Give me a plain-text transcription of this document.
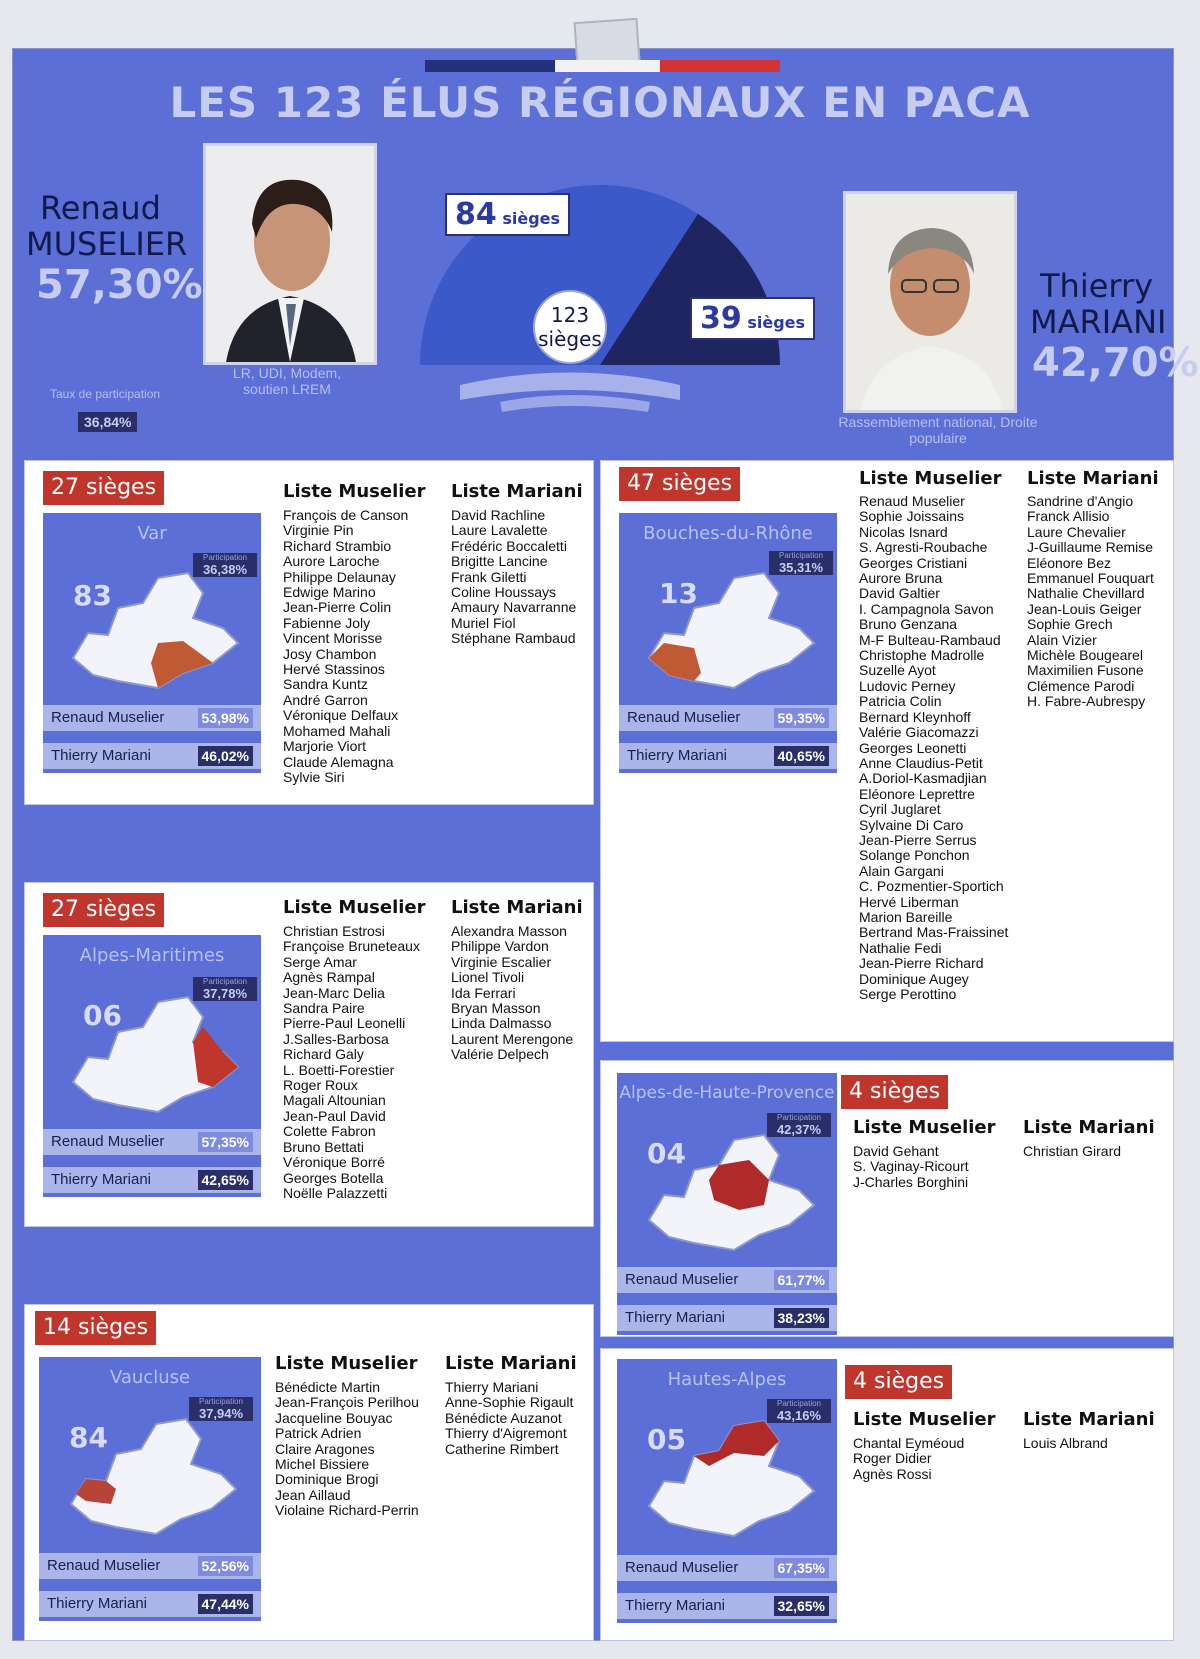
LES 123 ÉLUS RÉGIONAUX EN PACA
Renaud
MUSELIER
57,30%
LR, UDI, Modem, soutien LREM
Taux de participation
36,84%
84 sièges
39 sièges
123
sièges
Thierry
MARIANI
42,70%
Rassemblement national, Droite populaire
Var
Participation
36,38%
83
Renaud Muselier	53,98%
Thierry Mariani	46,02%
27 sièges	Liste Muselier
François de Canson
Virginie Pin
Richard Strambio
Aurore Laroche
Philippe Delaunay
Edwige Marino
Jean-Pierre Colin
Fabienne Joly
Vincent Morisse
Josy Chambon
Hervé Stassinos
Sandra Kuntz
André Garron
Véronique Delfaux
Mohamed Mahali
Marjorie Viort
Claude Alemagna
Sylvie Siri
Liste Mariani
David Rachline
Laure Lavalette
Frédéric Boccaletti
Brigitte Lancine
Frank Giletti
Coline Houssays
Amaury Navarranne
Muriel Fiol
Stéphane Rambaud
Bouches-du-Rhône
Participation
35,31%
13
Renaud Muselier	59,35%
Thierry Mariani	40,65%
47 sièges	Liste Muselier
Renaud Muselier
Sophie Joissains
Nicolas Isnard
S. Agresti-Roubache
Georges Cristiani
Aurore Bruna
David Galtier
I. Campagnola Savon
Bruno Genzana
M-F Bulteau-Rambaud
Christophe Madrolle
Suzelle Ayot
Ludovic Perney
Patricia Colin
Bernard Kleynhoff
Valérie Giacomazzi
Georges Leonetti
Anne Claudius-Petit
A.Doriol-Kasmadjian
Eléonore Leprettre
Cyril Juglaret
Sylvaine Di Caro
Jean-Pierre Serrus
Solange Ponchon
Alain Gargani
C. Pozmentier-Sportich
Hervé Liberman
Marion Bareille
Bertrand Mas-Fraissinet
Nathalie Fedi
Jean-Pierre Richard
Dominique Augey
Serge Perottino
Liste Mariani
Sandrine d'Angio
Franck Allisio
Laure Chevalier
J-Guillaume Remise
Eléonore Bez
Emmanuel Fouquart
Nathalie Chevillard
Jean-Louis Geiger
Sophie Grech
Alain Vizier
Michèle Bougearel
Maximilien Fusone
Clémence Parodi
H. Fabre-Aubrespy
Alpes-Maritimes
Participation
37,78%
06
Renaud Muselier	57,35%
Thierry Mariani	42,65%
27 sièges	Liste Muselier
Christian Estrosi
Françoise Bruneteaux
Serge Amar
Agnès Rampal
Jean-Marc Delia
Sandra Paire
Pierre-Paul Leonelli
J.Salles-Barbosa
Richard Galy
L. Boetti-Forestier
Roger Roux
Magali Altounian
Jean-Paul David
Colette Fabron
Bruno Bettati
Véronique Borré
Georges Botella
Noëlle Palazzetti
Liste Mariani
Alexandra Masson
Philippe Vardon
Virginie Escalier
Lionel Tivoli
Ida Ferrari
Bryan Masson
Linda Dalmasso
Laurent Merengone
Valérie Delpech
Alpes-de-Haute-Provence
Participation
42,37%
04
Renaud Muselier	61,77%
Thierry Mariani	38,23%
4 sièges
Liste Muselier
David Gehant
S. Vaginay-Ricourt
J-Charles Borghini
Liste Mariani
Christian Girard
Vaucluse
Participation
37,94%
84
Renaud Muselier	52,56%
Thierry Mariani	47,44%
14 sièges
Liste Muselier
Bénédicte Martin
Jean-François Perilhou
Jacqueline Bouyac
Patrick Adrien
Claire Aragones
Michel Bissiere
Dominique Brogi
Jean Aillaud
Violaine Richard-Perrin
Liste Mariani
Thierry Mariani
Anne-Sophie Rigault
Bénédicte Auzanot
Thierry d'Aigremont
Catherine Rimbert
Hautes-Alpes
Participation
43,16%
05
Renaud Muselier	67,35%
Thierry Mariani	32,65%
4 sièges
Liste Muselier
Chantal Eyméoud
Roger Didier
Agnès Rossi
Liste Mariani
Louis Albrand
